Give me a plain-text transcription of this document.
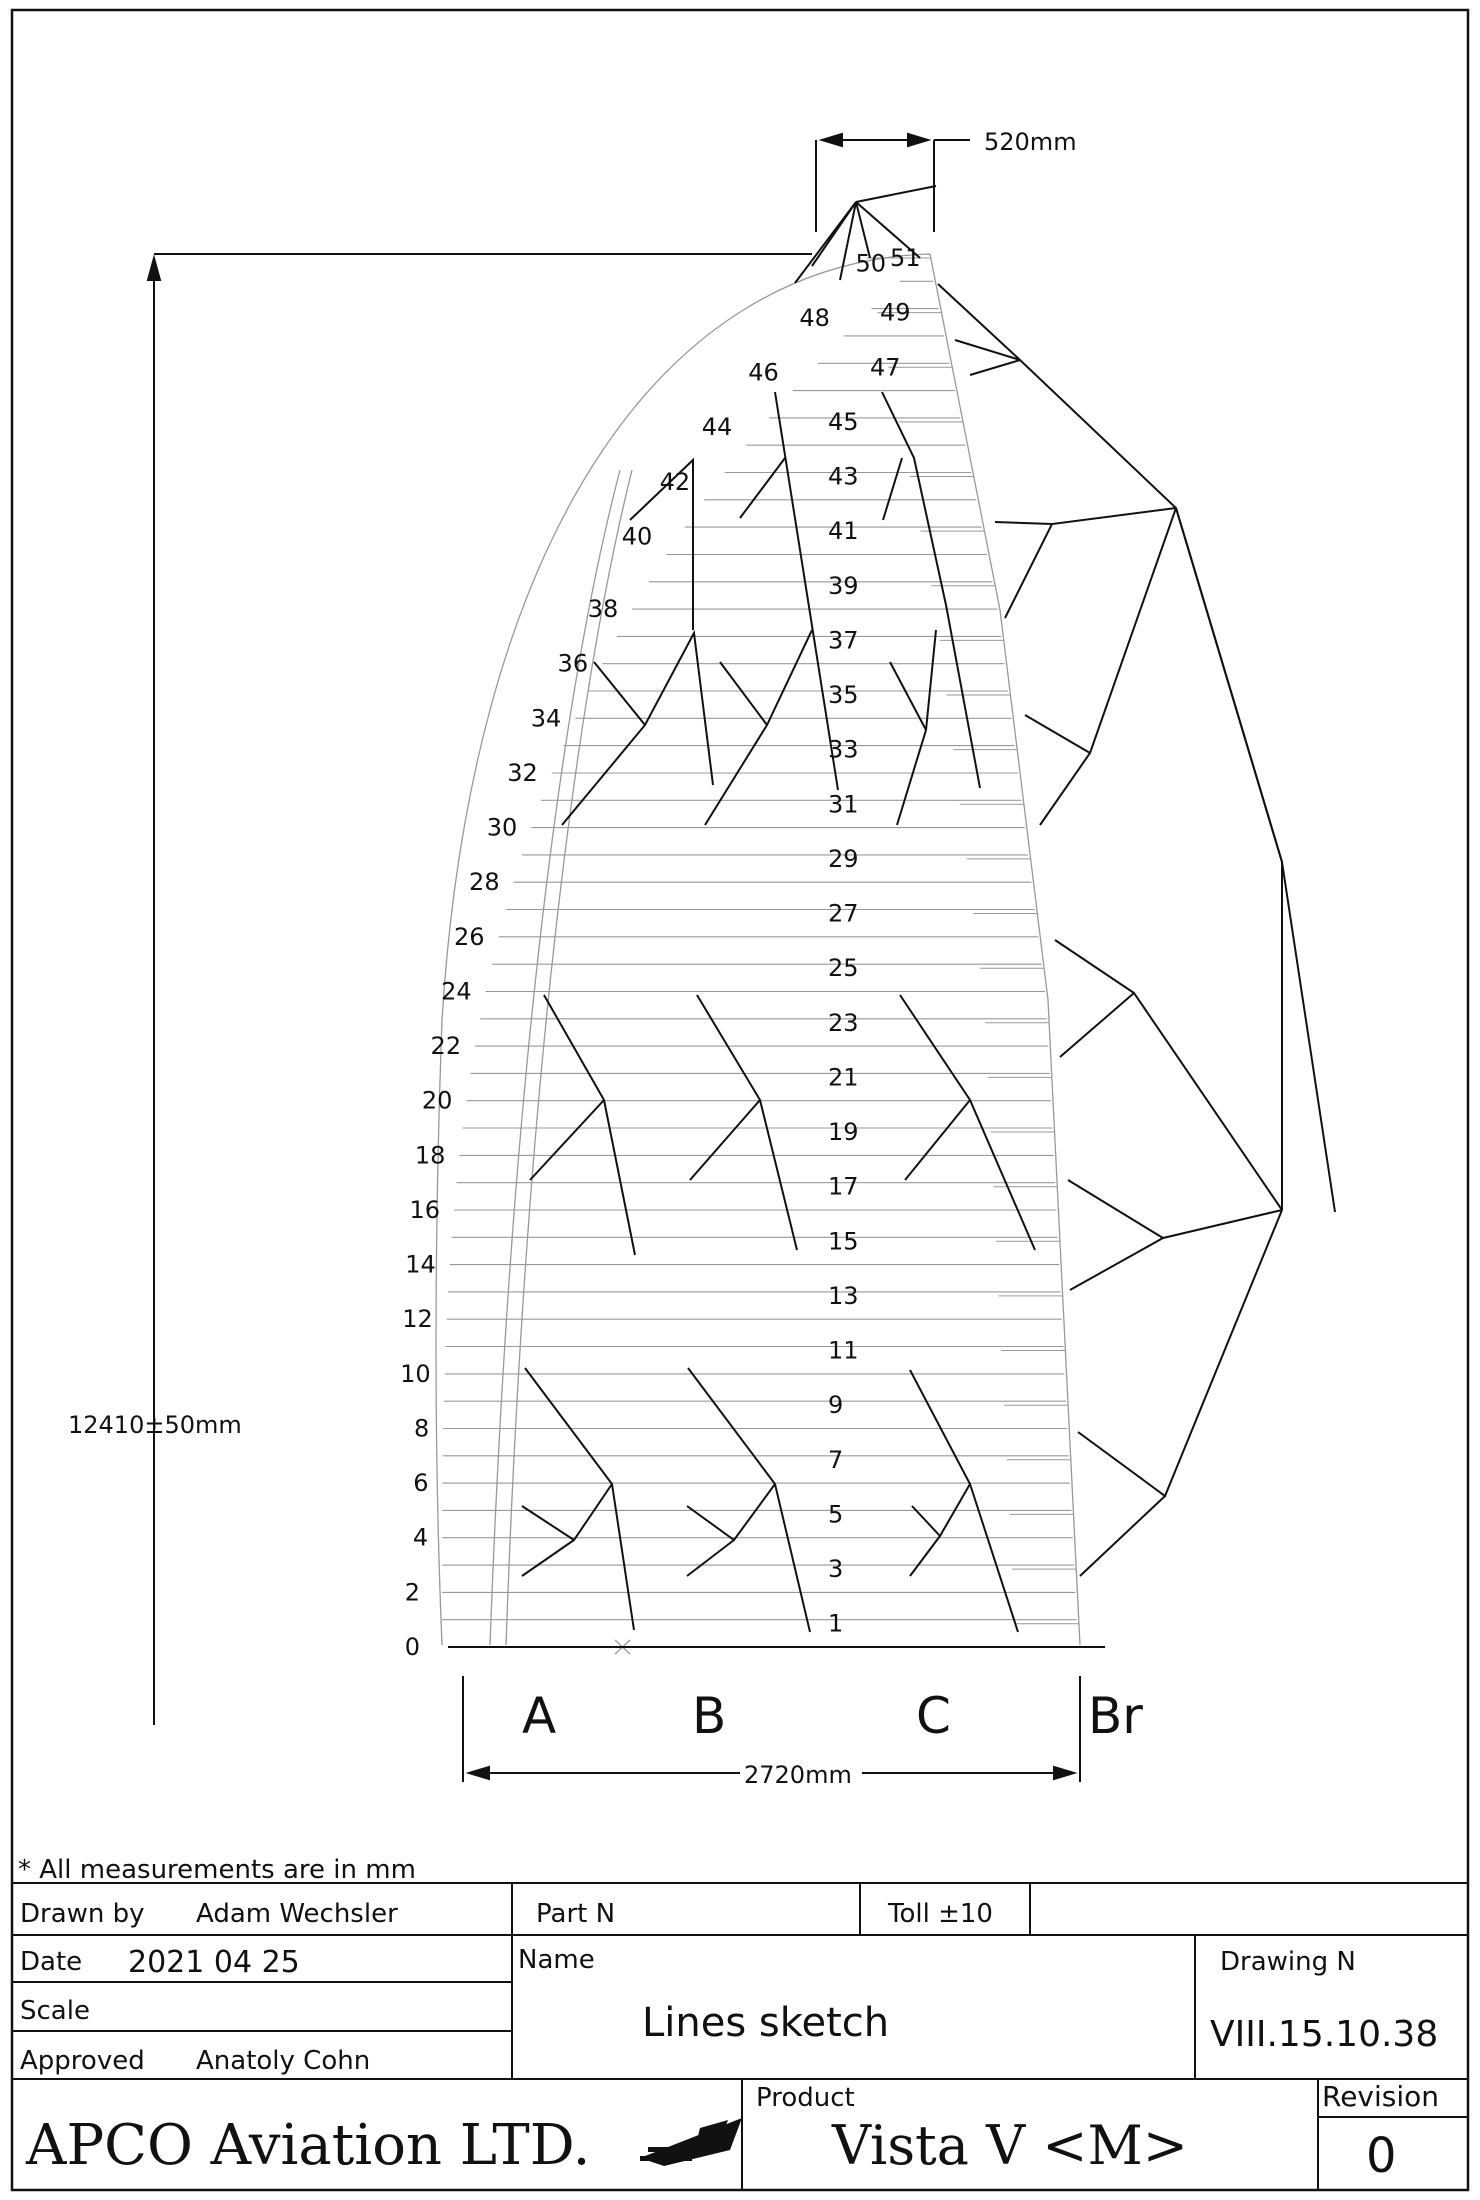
0
2
4
6
8
10
12
14
16
18
20
22
24
26
28
30
32
34
36
38
40
42
44
46
48
50
1
3
5
7
9
11
13
15
17
19
21
23
25
27
29
31
33
35
37
39
41
43
45
47
49
51
520mm
12410±50mm
2720mm
A	B	C	Br
* All measurements are in mm
Drawn by Adam Wechsler	Part N	Toll ±10
Date 2021 04 25
Scale
Approved Anatoly Cohn
Name
Lines sketch
Drawing N
VIII.15.10.38
APCO Aviation LTD.
Product
Vista V <M>
Revision
0
